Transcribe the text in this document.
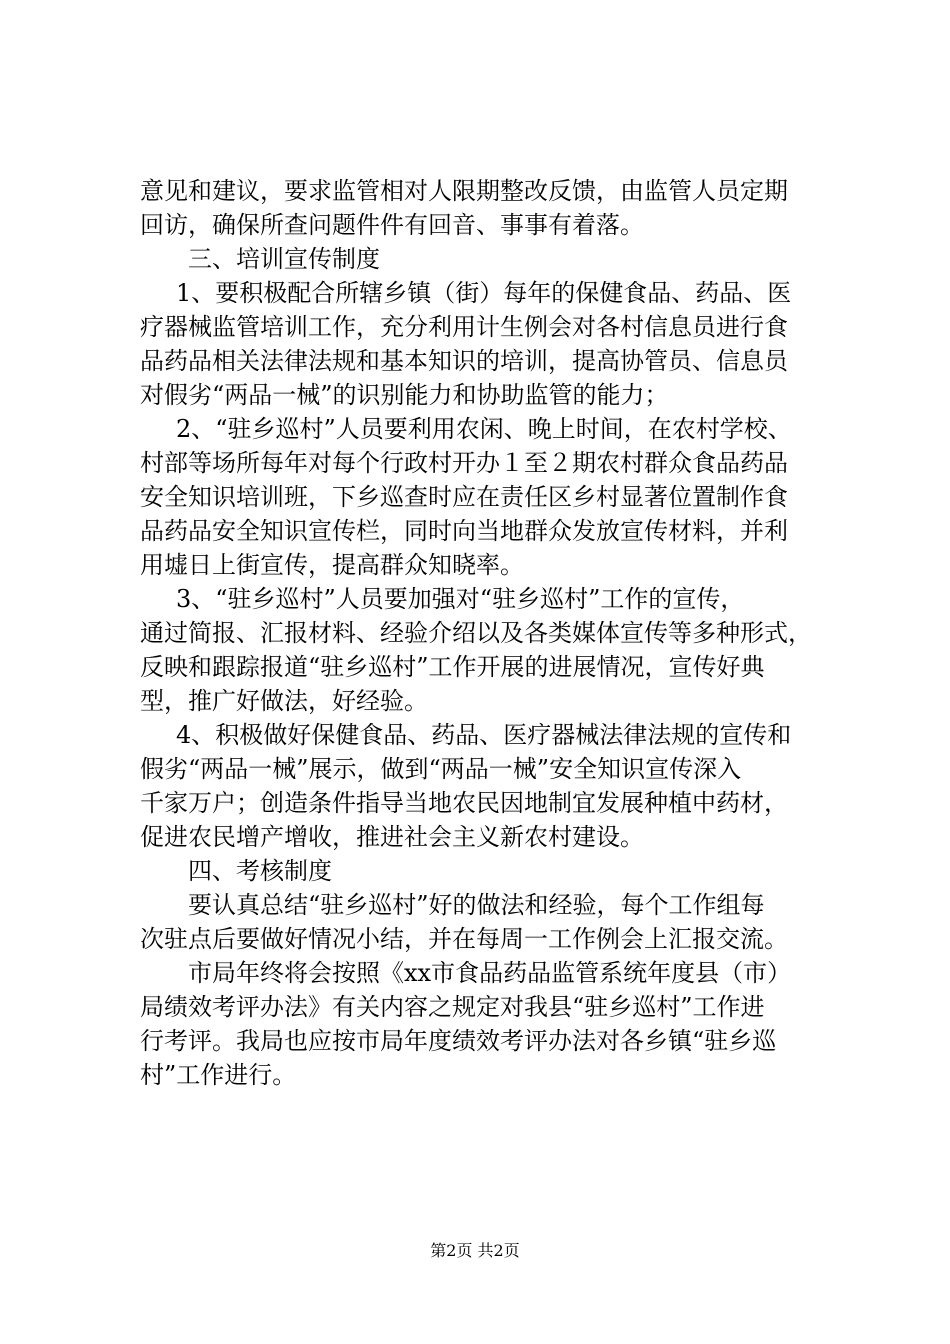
意见和建议，要求监管相对人限期整改反馈，由监管人员定期
回访，确保所查问题件件有回音、事事有着落。
三、培训宣传制度
1、要积极配合所辖乡镇（街）每年的保健食品、药品、医
疗器械监管培训工作，充分利用计生例会对各村信息员进行食
品药品相关法律法规和基本知识的培训，提高协管员、信息员
对假劣“两品一械”的识别能力和协助监管的能力；
2、“驻乡巡村”人员要利用农闲、晚上时间，在农村学校、
村部等场所每年对每个行政村开办１至２期农村群众食品药品
安全知识培训班，下乡巡查时应在责任区乡村显著位置制作食
品药品安全知识宣传栏，同时向当地群众发放宣传材料，并利
用墟日上街宣传，提高群众知晓率。
3、“驻乡巡村”人员要加强对“驻乡巡村”工作的宣传，
通过简报、汇报材料、经验介绍以及各类媒体宣传等多种形式，
反映和跟踪报道“驻乡巡村”工作开展的进展情况，宣传好典
型，推广好做法，好经验。
4、积极做好保健食品、药品、医疗器械法律法规的宣传和
假劣“两品一械”展示，做到“两品一械”安全知识宣传深入
千家万户；创造条件指导当地农民因地制宜发展种植中药材，
促进农民增产增收，推进社会主义新农村建设。
四、考核制度
要认真总结“驻乡巡村”好的做法和经验，每个工作组每
次驻点后要做好情况小结，并在每周一工作例会上汇报交流。
市局年终将会按照《xx市食品药品监管系统年度县（市）
局绩效考评办法》有关内容之规定对我县“驻乡巡村”工作进
行考评。我局也应按市局年度绩效考评办法对各乡镇“驻乡巡
村”工作进行。
第2页 共2页
